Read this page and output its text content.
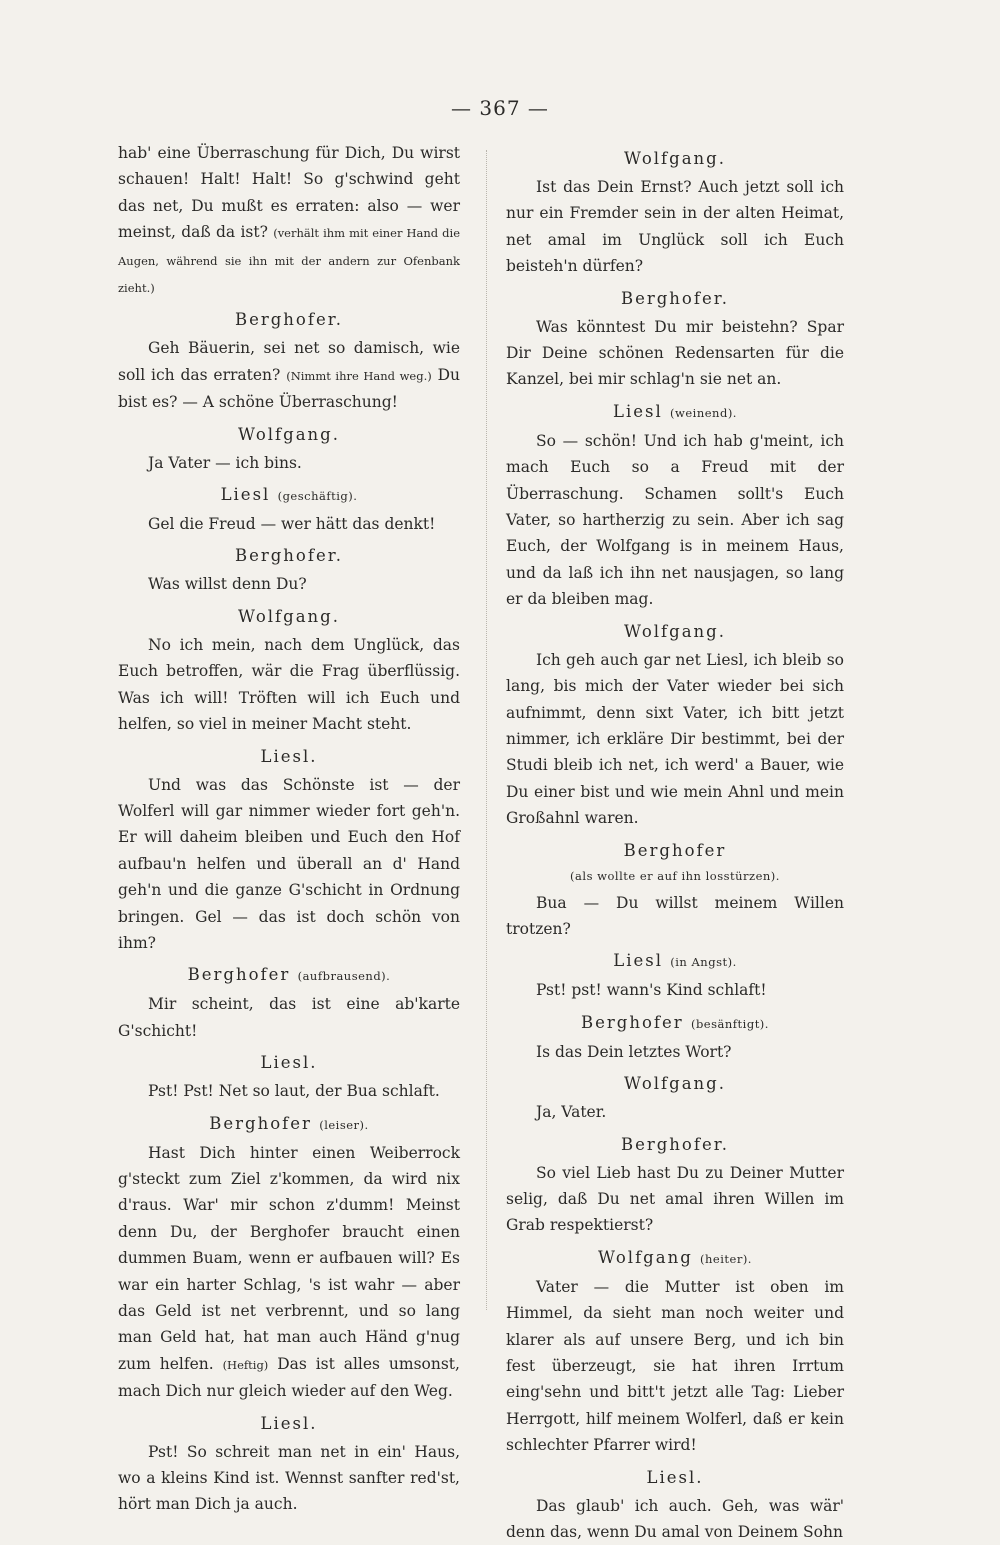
— 367 —

hab' eine Überraschung für Dich, Du wirst schauen! Halt! Halt! So g'schwind geht das net, Du mußt es erraten: also — wer meinst, daß da ist? (verhält ihm mit einer Hand die Augen, während sie ihn mit der andern zur Ofenbank zieht.)

Berghofer.

Geh Bäuerin, sei net so damisch, wie soll ich das erraten? (Nimmt ihre Hand weg.) Du bist es? — A schöne Überraschung!

Wolfgang.

Ja Vater — ich bins.

Liesl (geschäftig).

Gel die Freud — wer hätt das denkt!

Berghofer.

Was willst denn Du?

Wolfgang.

No ich mein, nach dem Unglück, das Euch betroffen, wär die Frag überflüssig. Was ich will! Tröften will ich Euch und helfen, so viel in meiner Macht steht.

Liesl.

Und was das Schönste ist — der Wolferl will gar nimmer wieder fort geh'n. Er will daheim bleiben und Euch den Hof aufbau'n helfen und überall an d' Hand geh'n und die ganze G'schicht in Ordnung bringen. Gel — das ist doch schön von ihm?

Berghofer (aufbrausend).

Mir scheint, das ist eine ab'karte G'schicht!

Liesl.

Pst! Pst! Net so laut, der Bua schlaft.

Berghofer (leiser).

Hast Dich hinter einen Weiberrock g'steckt zum Ziel z'kommen, da wird nix d'raus. War' mir schon z'dumm! Meinst denn Du, der Berghofer braucht einen dummen Buam, wenn er aufbauen will? Es war ein harter Schlag, 's ist wahr — aber das Geld ist net verbrennt, und so lang man Geld hat, hat man auch Händ g'nug zum helfen. (Heftig) Das ist alles umsonst, mach Dich nur gleich wieder auf den Weg.

Liesl.

Pst! So schreit man net in ein' Haus, wo a kleins Kind ist. Wennst sanfter red'st, hört man Dich ja auch.

Wolfgang.

Ist das Dein Ernst? Auch jetzt soll ich nur ein Fremder sein in der alten Heimat, net amal im Unglück soll ich Euch beisteh'n dürfen?

Berghofer.

Was könntest Du mir beistehn? Spar Dir Deine schönen Redensarten für die Kanzel, bei mir schlag'n sie net an.

Liesl (weinend).

So — schön! Und ich hab g'meint, ich mach Euch so a Freud mit der Überraschung. Schamen sollt's Euch Vater, so hartherzig zu sein. Aber ich sag Euch, der Wolfgang is in meinem Haus, und da laß ich ihn net nausjagen, so lang er da bleiben mag.

Wolfgang.

Ich geh auch gar net Liesl, ich bleib so lang, bis mich der Vater wieder bei sich aufnimmt, denn sixt Vater, ich bitt jetzt nimmer, ich erkläre Dir bestimmt, bei der Studi bleib ich net, ich werd' a Bauer, wie Du einer bist und wie mein Ahnl und mein Großahnl waren.

Berghofer
(als wollte er auf ihn losstürzen).

Bua — Du willst meinem Willen trotzen?

Liesl (in Angst).

Pst! pst! wann's Kind schlaft!

Berghofer (besänftigt).

Is das Dein letztes Wort?

Wolfgang.

Ja, Vater.

Berghofer.

So viel Lieb hast Du zu Deiner Mutter selig, daß Du net amal ihren Willen im Grab respektierst?

Wolfgang (heiter).

Vater — die Mutter ist oben im Himmel, da sieht man noch weiter und klarer als auf unsere Berg, und ich bin fest überzeugt, sie hat ihren Irrtum eing'sehn und bitt't jetzt alle Tag: Lieber Herrgott, hilf meinem Wolferl, daß er kein schlechter Pfarrer wird!

Liesl.

Das glaub' ich auch. Geh, was wär' denn das, wenn Du amal von Deinem Sohn
